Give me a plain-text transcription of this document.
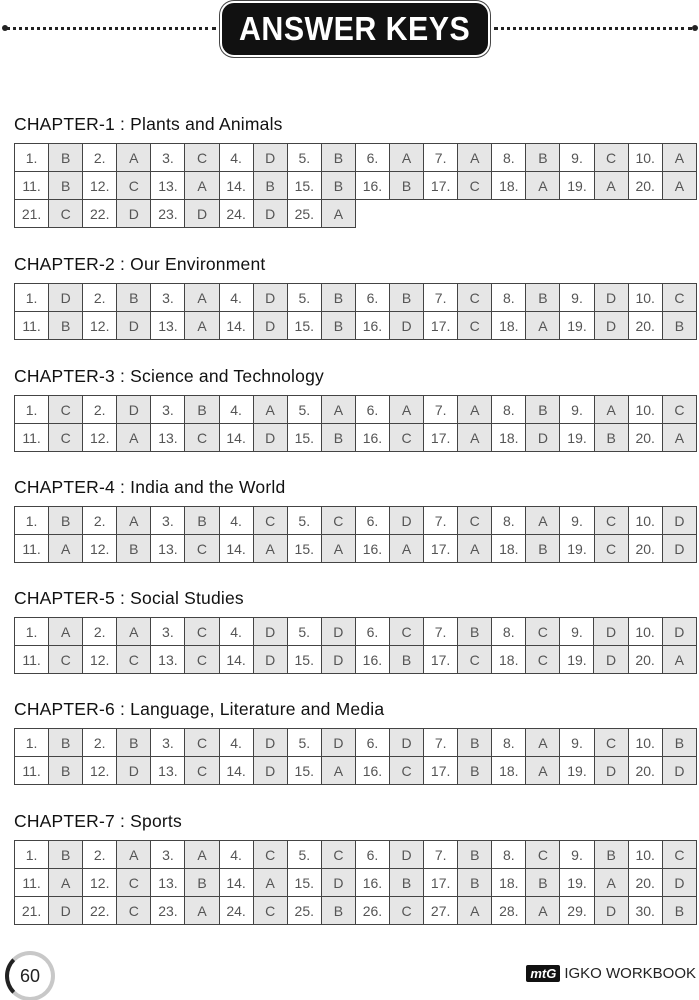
ANSWER KEYS
CHAPTER-1 : Plants and Animals
1.	B	2.	A	3.	C	4.	D	5.	B	6.	A	7.	A	8.	B	9.	C	10.	A
11.	B	12.	C	13.	A	14.	B	15.	B	16.	B	17.	C	18.	A	19.	A	20.	A
21.	C	22.	D	23.	D	24.	D	25.	A										
CHAPTER-2 : Our Environment
1.	D	2.	B	3.	A	4.	D	5.	B	6.	B	7.	C	8.	B	9.	D	10.	C
11.	B	12.	D	13.	A	14.	D	15.	B	16.	D	17.	C	18.	A	19.	D	20.	B
CHAPTER-3 : Science and Technology
1.	C	2.	D	3.	B	4.	A	5.	A	6.	A	7.	A	8.	B	9.	A	10.	C
11.	C	12.	A	13.	C	14.	D	15.	B	16.	C	17.	A	18.	D	19.	B	20.	A
CHAPTER-4 : India and the World
1.	B	2.	A	3.	B	4.	C	5.	C	6.	D	7.	C	8.	A	9.	C	10.	D
11.	A	12.	B	13.	C	14.	A	15.	A	16.	A	17.	A	18.	B	19.	C	20.	D
CHAPTER-5 : Social Studies
1.	A	2.	A	3.	C	4.	D	5.	D	6.	C	7.	B	8.	C	9.	D	10.	D
11.	C	12.	C	13.	C	14.	D	15.	D	16.	B	17.	C	18.	C	19.	D	20.	A
CHAPTER-6 : Language, Literature and Media
1.	B	2.	B	3.	C	4.	D	5.	D	6.	D	7.	B	8.	A	9.	C	10.	B
11.	B	12.	D	13.	C	14.	D	15.	A	16.	C	17.	B	18.	A	19.	D	20.	D
CHAPTER-7 : Sports
1.	B	2.	A	3.	A	4.	C	5.	C	6.	D	7.	B	8.	C	9.	B	10.	C
11.	A	12.	C	13.	B	14.	A	15.	D	16.	B	17.	B	18.	B	19.	A	20.	D
21.	D	22.	C	23.	A	24.	C	25.	B	26.	C	27.	A	28.	A	29.	D	30.	B
60	mtG IGKO WORKBOOK
